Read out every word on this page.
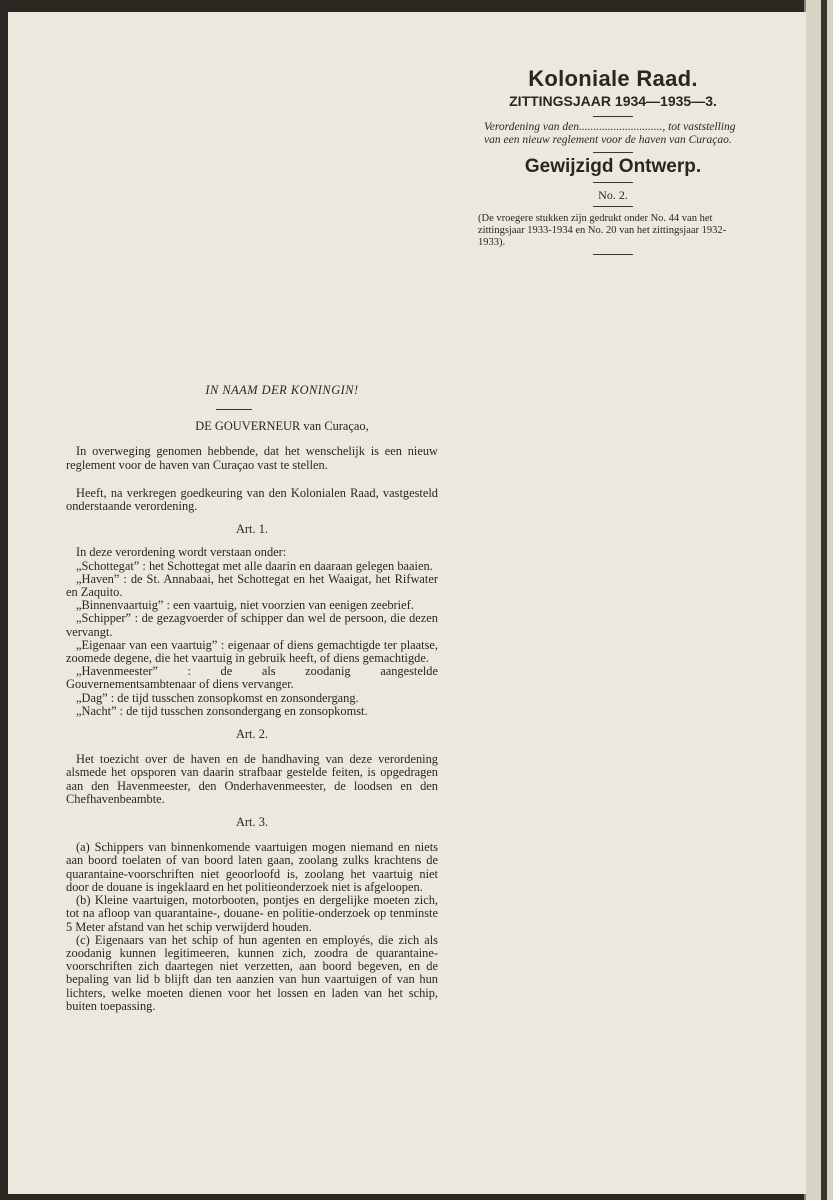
Koloniale Raad.
ZITTINGSJAAR 1934—1935—3.
Verordening van den............................., tot vaststelling van een nieuw reglement voor de haven van Curaçao.
Gewijzigd Ontwerp.
No. 2.
(De vroegere stukken zijn gedrukt onder No. 44 van het zittingsjaar 1933-1934 en No. 20 van het zittingsjaar 1932-1933).

IN NAAM DER KONINGIN!

DE GOUVERNEUR van Curaçao,

In overweging genomen hebbende, dat het wenschelijk is een nieuw reglement voor de haven van Curaçao vast te stellen.

Heeft, na verkregen goedkeuring van den Kolonialen Raad, vastgesteld onderstaande verordening.

Art. 1.

In deze verordening wordt verstaan onder:

„Schottegat” : het Schottegat met alle daarin en daaraan gelegen baaien.

„Haven” : de St. Annabaai, het Schottegat en het Waaigat, het Rifwater en Zaquito.

„Binnenvaartuig” : een vaartuig, niet voorzien van eenigen zeebrief.

„Schipper” : de gezagvoerder of schipper dan wel de persoon, die dezen vervangt.

„Eigenaar van een vaartuig” : eigenaar of diens gemachtigde ter plaatse, zoomede degene, die het vaartuig in gebruik heeft, of diens gemachtigde.

„Havenmeester” : de als zoodanig aangestelde Gouvernementsambtenaar of diens vervanger.

„Dag” : de tijd tusschen zonsopkomst en zonsondergang.

„Nacht” : de tijd tusschen zonsondergang en zonsopkomst.

Art. 2.

Het toezicht over de haven en de handhaving van deze verordening alsmede het opsporen van daarin strafbaar gestelde feiten, is opgedragen aan den Havenmeester, den Onderhavenmeester, de loodsen en den Chefhavenbeambte.

Art. 3.

(a) Schippers van binnenkomende vaartuigen mogen niemand en niets aan boord toelaten of van boord laten gaan, zoolang zulks krachtens de quarantaine-voorschriften niet geoorloofd is, zoolang het vaartuig niet door de douane is ingeklaard en het politieonderzoek niet is afgeloopen.

(b) Kleine vaartuigen, motorbooten, pontjes en dergelijke moeten zich, tot na afloop van quarantaine-, douane- en politie-onderzoek op tenminste 5 Meter afstand van het schip verwijderd houden.

(c) Eigenaars van het schip of hun agenten en employés, die zich als zoodanig kunnen legitimeeren, kunnen zich, zoodra de quarantaine-voorschriften zich daartegen niet verzetten, aan boord begeven, en de bepaling van lid b blijft dan ten aanzien van hun vaartuigen of van hun lichters, welke moeten dienen voor het lossen en laden van het schip, buiten toepassing.
